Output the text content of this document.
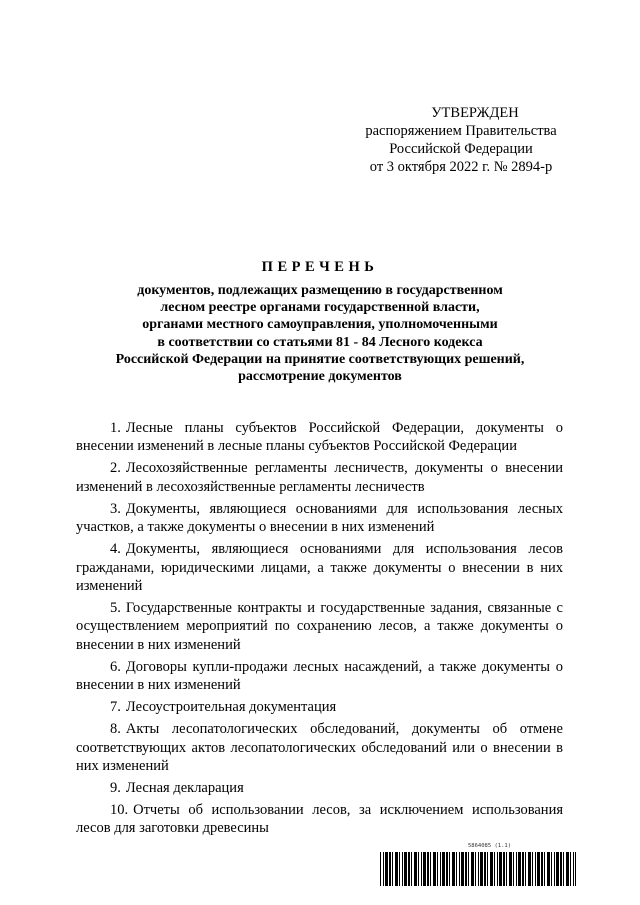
УТВЕРЖДЕН
распоряжением Правительства
Российской Федерации
от 3 октября 2022 г. № 2894-р
ПЕРЕЧЕНЬ

документов, подлежащих размещению в государственном

лесном реестре органами государственной власти,

органами местного самоуправления, уполномоченными

в соответствии со статьями 81 - 84 Лесного кодекса

Российской Федерации на принятие соответствующих решений,

рассмотрение документов

1. Лесные планы субъектов Российской Федерации, документы о внесении изменений в лесные планы субъектов Российской Федерации

2. Лесохозяйственные регламенты лесничеств, документы о внесении изменений в лесохозяйственные регламенты лесничеств

3. Документы, являющиеся основаниями для использования лесных участков, а также документы о внесении в них изменений

4. Документы, являющиеся основаниями для использования лесов гражданами, юридическими лицами, а также документы о внесении в них изменений

5. Государственные контракты и государственные задания, связанные с осуществлением мероприятий по сохранению лесов, а также документы о внесении в них изменений

6. Договоры купли-продажи лесных насаждений, а также документы о внесении в них изменений

7. Лесоустроительная документация

8. Акты лесопатологических обследований, документы об отмене соответствующих актов лесопатологических обследований или о внесении в них изменений

9. Лесная декларация

10. Отчеты об использовании лесов, за исключением использования лесов для заготовки древесины

5864085 (1.1)
